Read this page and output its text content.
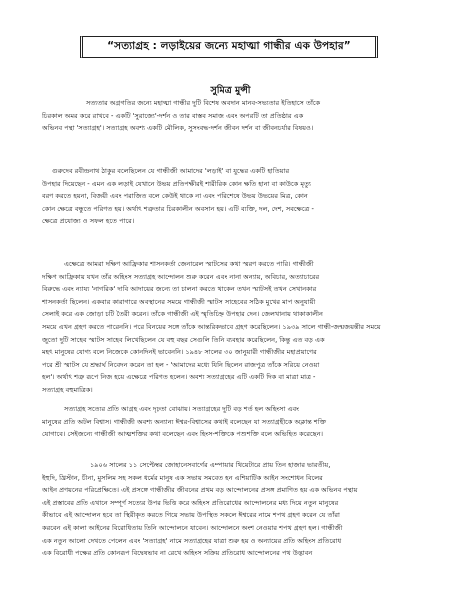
“সত্যাগ্রহ : লড়াইয়ের জন্যে মহাত্মা গান্ধীর এক উপহার”
সুমিত্র মুন্সী
সত্যতার অগ্রগতির জন্যে মহাত্মা গান্ধীর দুটি বিশেষ অবদান মানব-সভ্যতার ইতিহাসে তাঁকে
চিরকাল অমর করে রাখবে - একটি 'সুরাজ্যে'-দর্শন ও তার বাস্তব সমাজ এবং অপরটি তা প্রতিষ্ঠার এক
অভিনব পন্থা 'সত্যাগ্রহ'। সত্যাগ্রহ অবশ্য একটি মৌলিক, সুসংবদ্ধ-দর্শন জীবন দর্শন বা জীবনচর্যার বিষয়ও।
গুরুদেব রবীন্দ্রনাথ ঠাকুর বলেছিলেন যে গান্ধীজী আমাদের 'লড়াই' বা যুদ্ধের একটি হাতিয়ার
উপহার দিয়েছেন - এমন এক লড়াই যেখানে উভয় প্রতিপক্ষীরই শারীরিক কোন ক্ষতি হানা বা কাউকে মৃত্যু
বরণ করতে হয়না, বিজয়ী এবং পরাজিত বলে কেউই থাকে না এবং পরিশেষে উভয় উভয়ের মিত্র, কোন
কোন ক্ষেত্রে বন্ধুতে পরিণত হয়। অর্থাৎ শত্রুতার চিরকালীন অবসান হয়। এটি ব্যক্তি, দল, দেশ, সবক্ষেত্রে -
ক্ষেত্রে প্রযোজ্য ও সফল হতে পারে।
এক্ষেত্রে আমরা দক্ষিণ আফ্রিকার শাসনকর্তা জেনারেল স্মাটসের কথা স্মরণ করতে পারি। গান্ধীজী
দক্ষিণ আফ্রিকায় যখন তাঁর অহিংস সত্যাগ্রহ আন্দোলন শুরু করেন এবং নানা অন্যায়, অবিচার, অত্যাচারের
বিরুদ্ধে এবং ন্যায্য 'নাগরিক' দাবি আদায়ের জন্যে তা চালনা করতে থাকেন তখন স্মাটসই তখন সেখানকার
শাসনকর্তা ছিলেন। একবার কারাগারে অবস্থানের সময়ে গান্ধীজী স্মাটস সাহেবের সঠিক মুখের মাপ অনুযায়ী
সেলাই করে এক জোড়া চটি তৈরী করেন। তাঁকে গান্ধীজী এই স্মৃতিচিহ্ন উপহার দেন। জেলখানায় থাকাকালীন
সময়ে এখন গ্রহণ করতে পারেননি। পরে বিনয়ের সঙ্গে তাঁকে আন্তরিকভাবে গ্রহণ করেছিলেন। ১৯৩৯ সালে গান্ধী-জন্মজয়ন্তীর সময়ে
জুতো দুটি সাহেব স্মাটস সাহেব লিখেছিলেন যে বহু বছর সেগুলি তিনি ব্যবহার করেছিলেন, কিন্তু এত বড় এক
মহৎ মানুষের যোগ্য বলে নিজেকে কোনদিনই ভাবেননি। ১৯৪৮ সালের ৩০ জানুয়ারী গান্ধীজীর মহাপ্রয়াণের
পরে শ্রী স্মাটস যে শ্রদ্ধার্ঘ নিবেদন করেন তা হল - 'আমাদের মধ্যে যিনি ছিলেন রাজপুত্র তাঁকে সরিয়ে নেওয়া
হল'। অর্থাৎ শত্রু রূপে নিজ হয়ে এক্ষেত্রে পরিণত হলেন। অবশ্য সত্যাগ্রহের এটি একটি দিক বা মাত্রা মাত্র -
সত্যাগ্রহ বহুমাত্রিক।
সত্যাগ্রহ সত্যের প্রতি আগ্রহ এবং দৃঢ়তা বোঝায়। সত্যাগ্রহের দুটি বড় শর্ত হল অহিংসা এবং
মানুষের প্রতি অটল বিশ্বাস। গান্ধীজী অবশ্য অন্যান্য ঈশ্বর-বিশ্বাসের কথাই বলেছেন যা সত্যাগ্রহীকে অক্লান্ত শক্তি
যোগাবে। সেইজন্যে গান্ধীজী আত্মশক্তির কথা বলেছেন এবং হিংস-শক্তিকে পশুশক্তি বলে অভিহিত করেছেন।
১৯০৬ সালের ১১ সেপ্টেম্বর জোহানেসবার্গের এম্পায়ার থিয়েটারে প্রায় তিন হাজার ভারতীয়,
ইহুদি, খ্রিস্টান, চীনা, মুসলিম সহ সকল ধর্মের মানুষ এক সভায় সমবেত হন এশিয়াটিক আইন সংশোধন বিলের
আইন প্রণয়নের পরিপ্রেক্ষিতে। এই প্রসঙ্গে গান্ধীজীর জীবনের প্রথম বড় আন্দোলনের প্রসঙ্গ প্রমাণিত হয় এক অভিনব পন্থায়
এই প্রস্তাবের প্রতি এখানে সম্পূর্ণ সত্যের উপর ভিত্তি করে অহিংস প্রতিরোধের আন্দোলনের মধ্য দিয়ে নতুন মানুষের
কীভাবে এই আন্দোলন হবে তা স্থিরীকৃত করতে গিয়ে সভায় উপস্থিত সকলে ঈশ্বরের নামে শপথ গ্রহণ করেন যে তাঁরা
করবেন এই কালা আইনের বিরোধিতায় তিনি আন্দোলনে যাবেন। আন্দোলনে অংশ নেওয়ার শপথ গ্রহণ হল। গান্ধীজী
এক নতুন আলো দেখতে পেলেন এবং 'সত্যাগ্রহ' নামে সত্যাগ্রহের যাত্রা শুরু হয় ও অন্যায়ের প্রতি অহিংস প্রতিরোধ
এক বিরোধী পক্ষের প্রতি কোনরূপ বিদ্বেষভাব না রেখে অহিংস সক্রিয় প্রতিরোধ আন্দোলনের পথ উদ্ভাবন
